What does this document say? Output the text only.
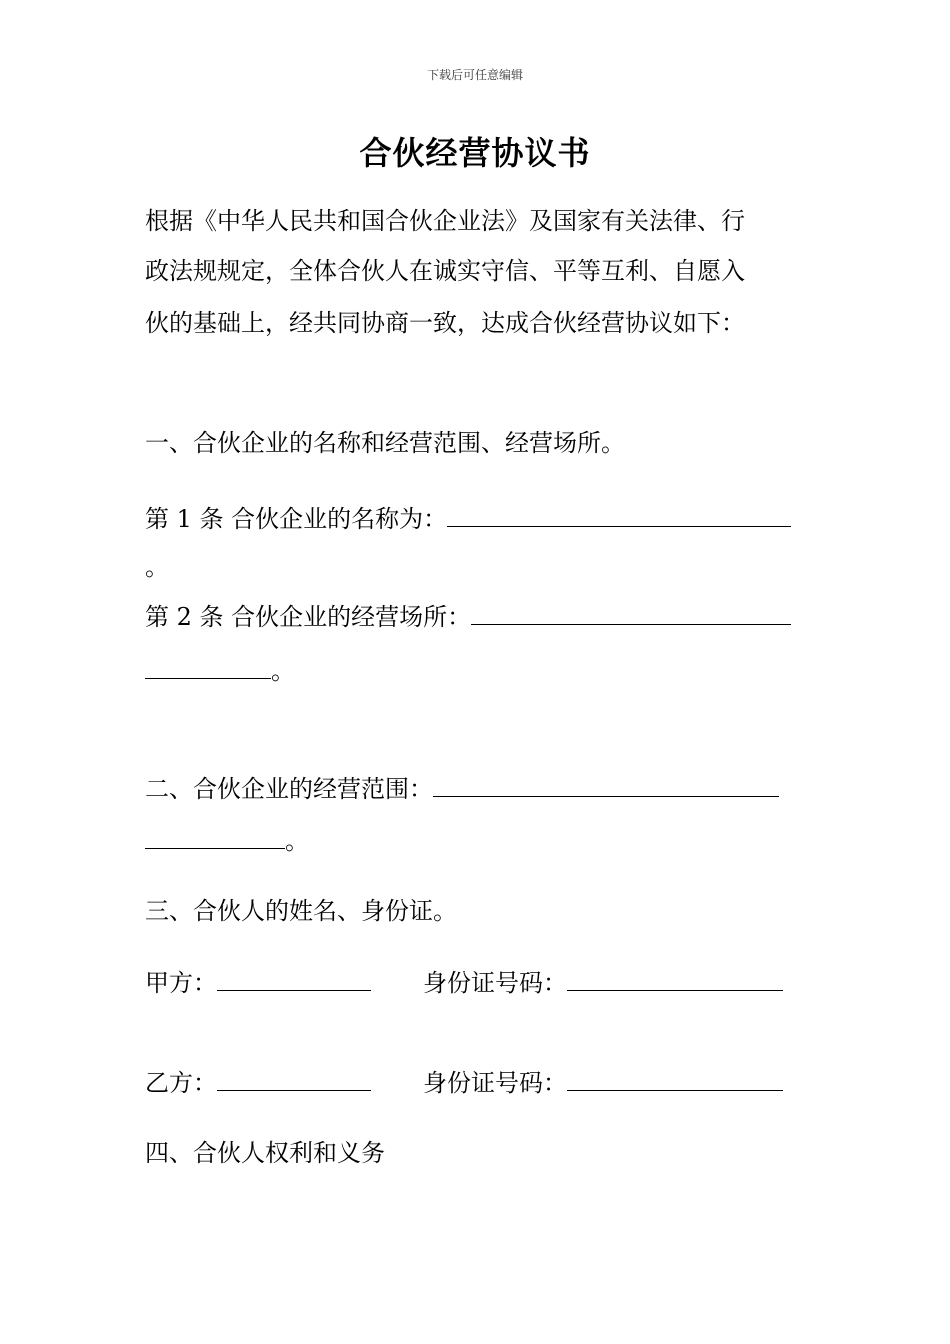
下载后可任意编辑
合伙经营协议书
根据《中华人民共和国合伙企业法》及国家有关法律、行
政法规规定，全体合伙人在诚实守信、平等互利、自愿入
伙的基础上，经共同协商一致，达成合伙经营协议如下：
一、合伙企业的名称和经营范围、经营场所。
第 1 条 合伙企业的名称为：
。
第 2 条 合伙企业的经营场所：
。
二、合伙企业的经营范围：
。
三、合伙人的姓名、身份证。
甲方：	身份证号码：
乙方：	身份证号码：
四、合伙人权利和义务
